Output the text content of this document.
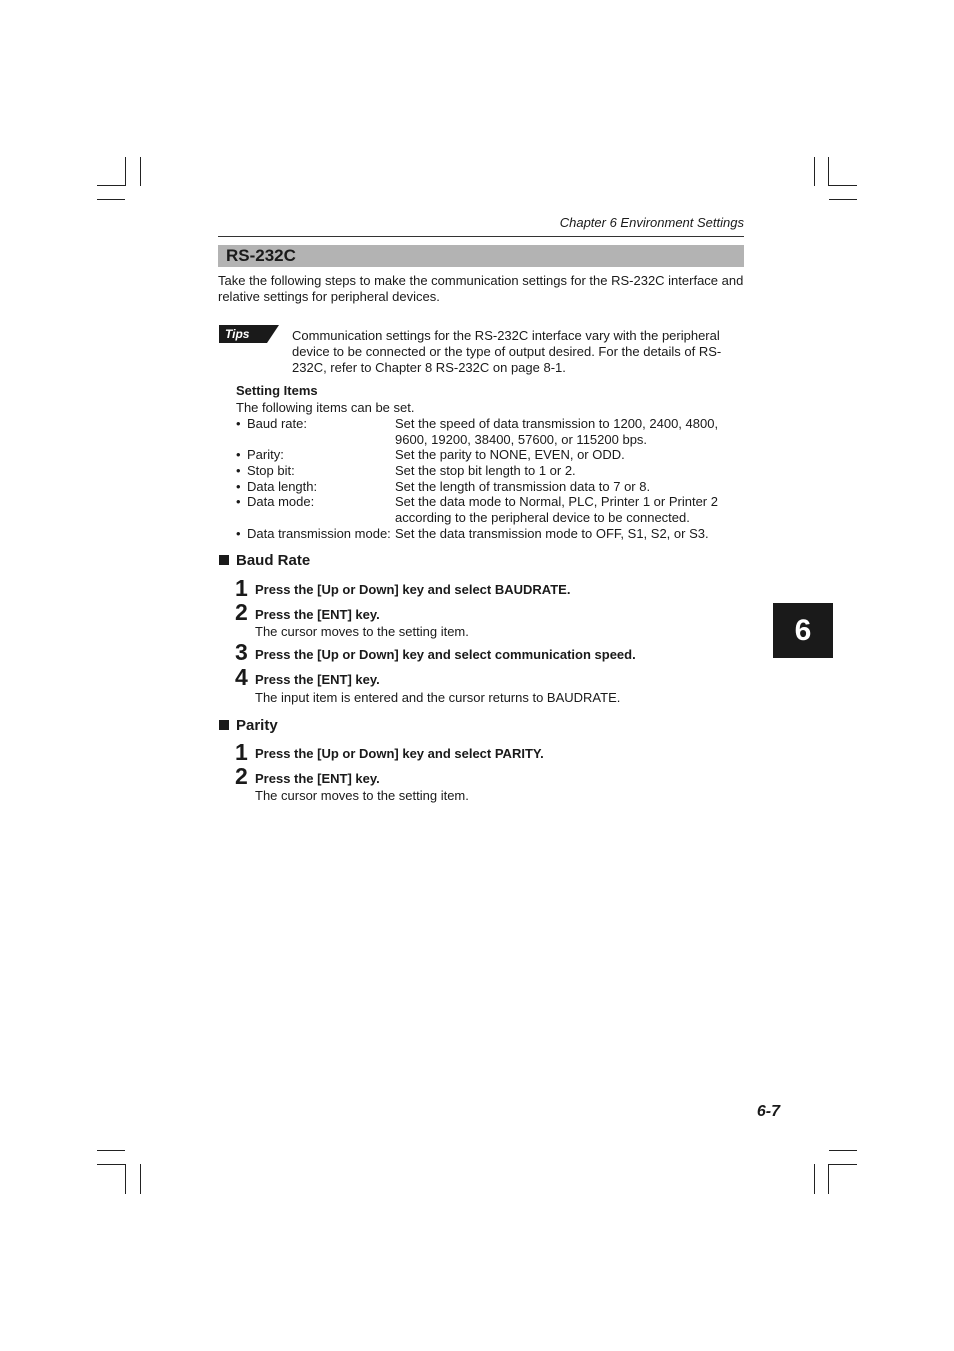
Chapter 6 Environment Settings
RS-232C
Take the following steps to make the communication settings for the RS-232C interface and relative settings for peripheral devices.
Tips	Communication settings for the RS-232C interface vary with the peripheral device to be connected or the type of output desired. For the details of RS-232C, refer to Chapter 8 RS-232C on page 8-1.
Setting Items
The following items can be set.
• Baud rate:	Set the speed of data transmission to 1200, 2400, 4800, 9600, 19200, 38400, 57600, or 115200 bps.
• Parity:	Set the parity to NONE, EVEN, or ODD.
• Stop bit:	Set the stop bit length to 1 or 2.
• Data length:	Set the length of transmission data to 7 or 8.
• Data mode:	Set the data mode to Normal, PLC, Printer 1 or Printer 2 according to the peripheral device to be connected.
• Data transmission mode: Set the data transmission mode to OFF, S1, S2, or S3.
Baud Rate
1 Press the [Up or Down] key and select BAUDRATE.
2 Press the [ENT] key.
The cursor moves to the setting item.
3 Press the [Up or Down] key and select communication speed.
4 Press the [ENT] key.
The input item is entered and the cursor returns to BAUDRATE.
Parity
1 Press the [Up or Down] key and select PARITY.
2 Press the [ENT] key.
The cursor moves to the setting item.
6
6-7
